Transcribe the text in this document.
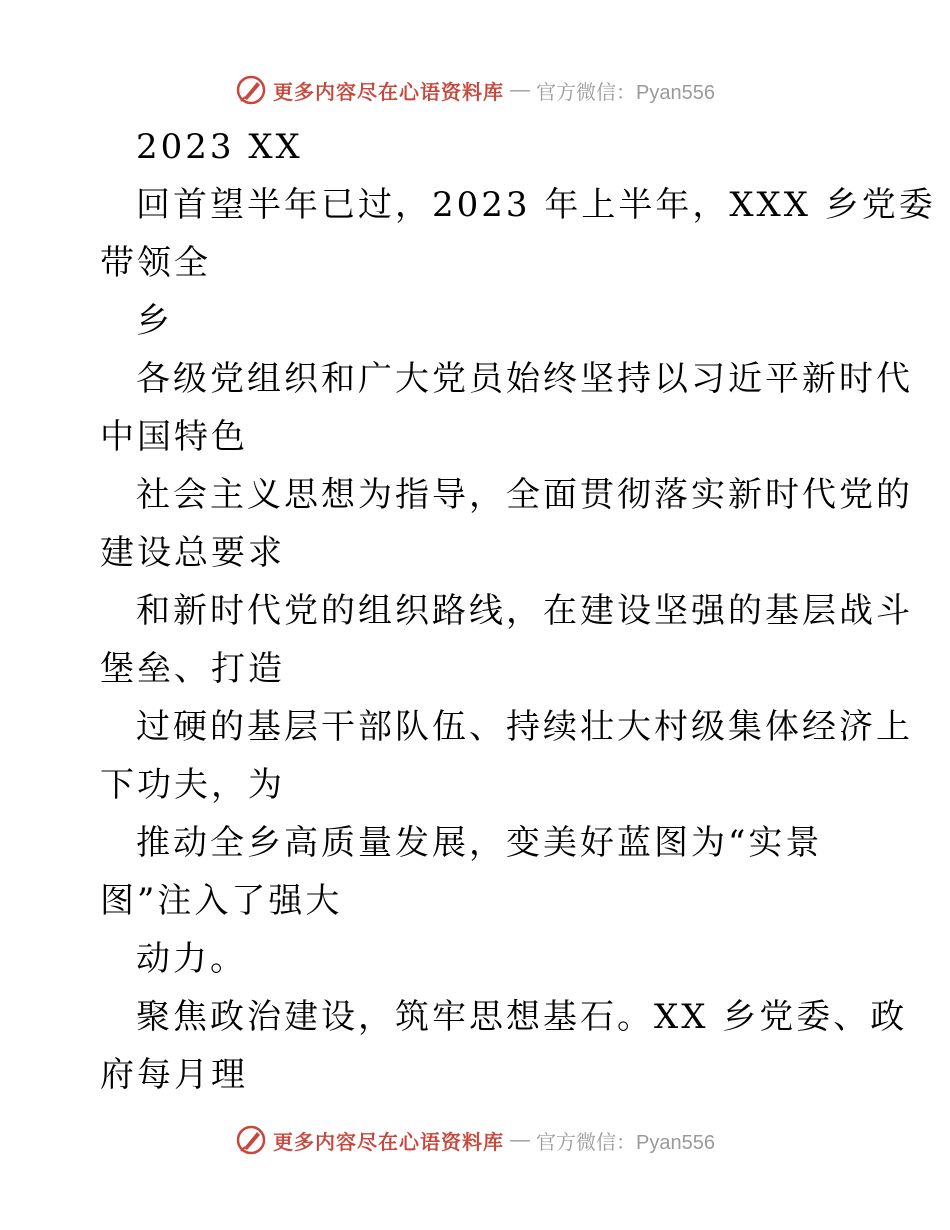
更多内容尽在心语资料库 — 官方微信：Pyan556
2023 XX
回首望半年已过，2023 年上半年，XXX 乡党委
带领全
乡
各级党组织和广大党员始终坚持以习近平新时代
中国特色
社会主义思想为指导，全面贯彻落实新时代党的
建设总要求
和新时代党的组织路线，在建设坚强的基层战斗
堡垒、打造
过硬的基层干部队伍、持续壮大村级集体经济上
下功夫，为
推动全乡高质量发展，变美好蓝图为“实景
图”注入了强大
动力。
聚焦政治建设，筑牢思想基石。XX 乡党委、政
府每月理
更多内容尽在心语资料库 — 官方微信：Pyan556
